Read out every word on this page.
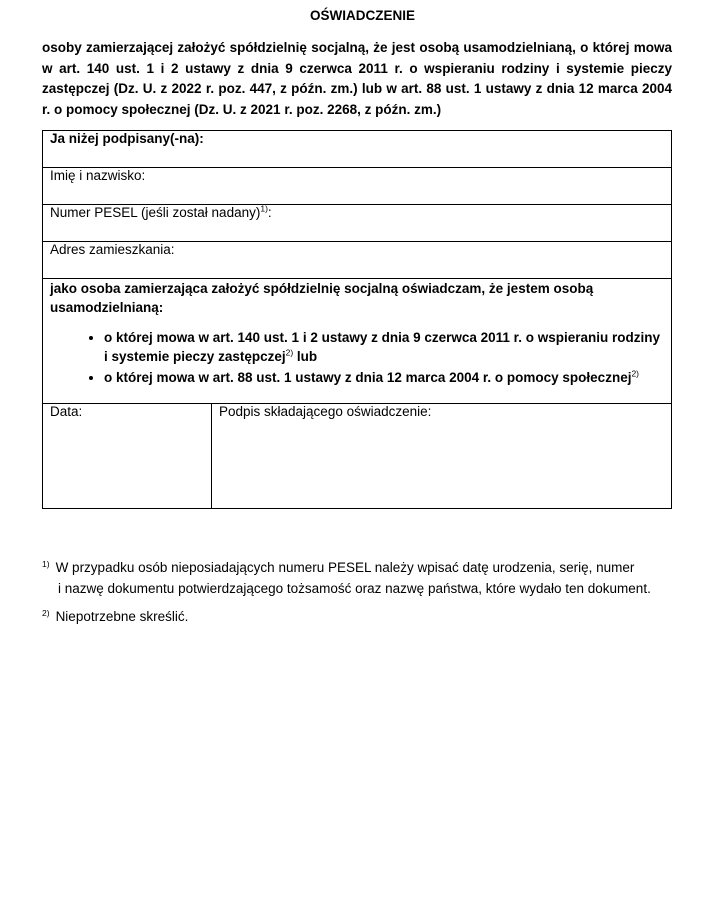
OŚWIADCZENIE
osoby zamierzającej założyć spółdzielnię socjalną, że jest osobą usamodzielnianą, o której mowa w art. 140 ust. 1 i 2 ustawy z dnia 9 czerwca 2011 r. o wspieraniu rodziny i systemie pieczy zastępczej (Dz. U. z 2022 r. poz. 447, z późn. zm.) lub w art. 88 ust. 1 ustawy z dnia 12 marca 2004 r. o pomocy społecznej (Dz. U. z 2021 r. poz. 2268, z późn. zm.)
Ja niżej podpisany(-na):
Imię i nazwisko:
Numer PESEL (jeśli został nadany)$^{1)}$:
Adres zamieszkania:

jako osoba zamierzająca założyć spółdzielnię socjalną oświadczam, że jestem osobą usamodzielnianą:
• o której mowa w art. 140 ust. 1 i 2 ustawy z dnia 9 czerwca 2011 r. o wspieraniu rodziny i systemie pieczy zastępczej$^{2)}$ lub
• o której mowa w art. 88 ust. 1 ustawy z dnia 12 marca 2004 r. o pomocy społecznej$^{2)}$

Data:	Podpis składającego oświadczenie:
$^{1)}$ W przypadku osób nieposiadających numeru PESEL należy wpisać datę urodzenia, serię, numer
i nazwę dokumentu potwierdzającego tożsamość oraz nazwę państwa, które wydało ten dokument.
$^{2)}$ Niepotrzebne skreślić.
